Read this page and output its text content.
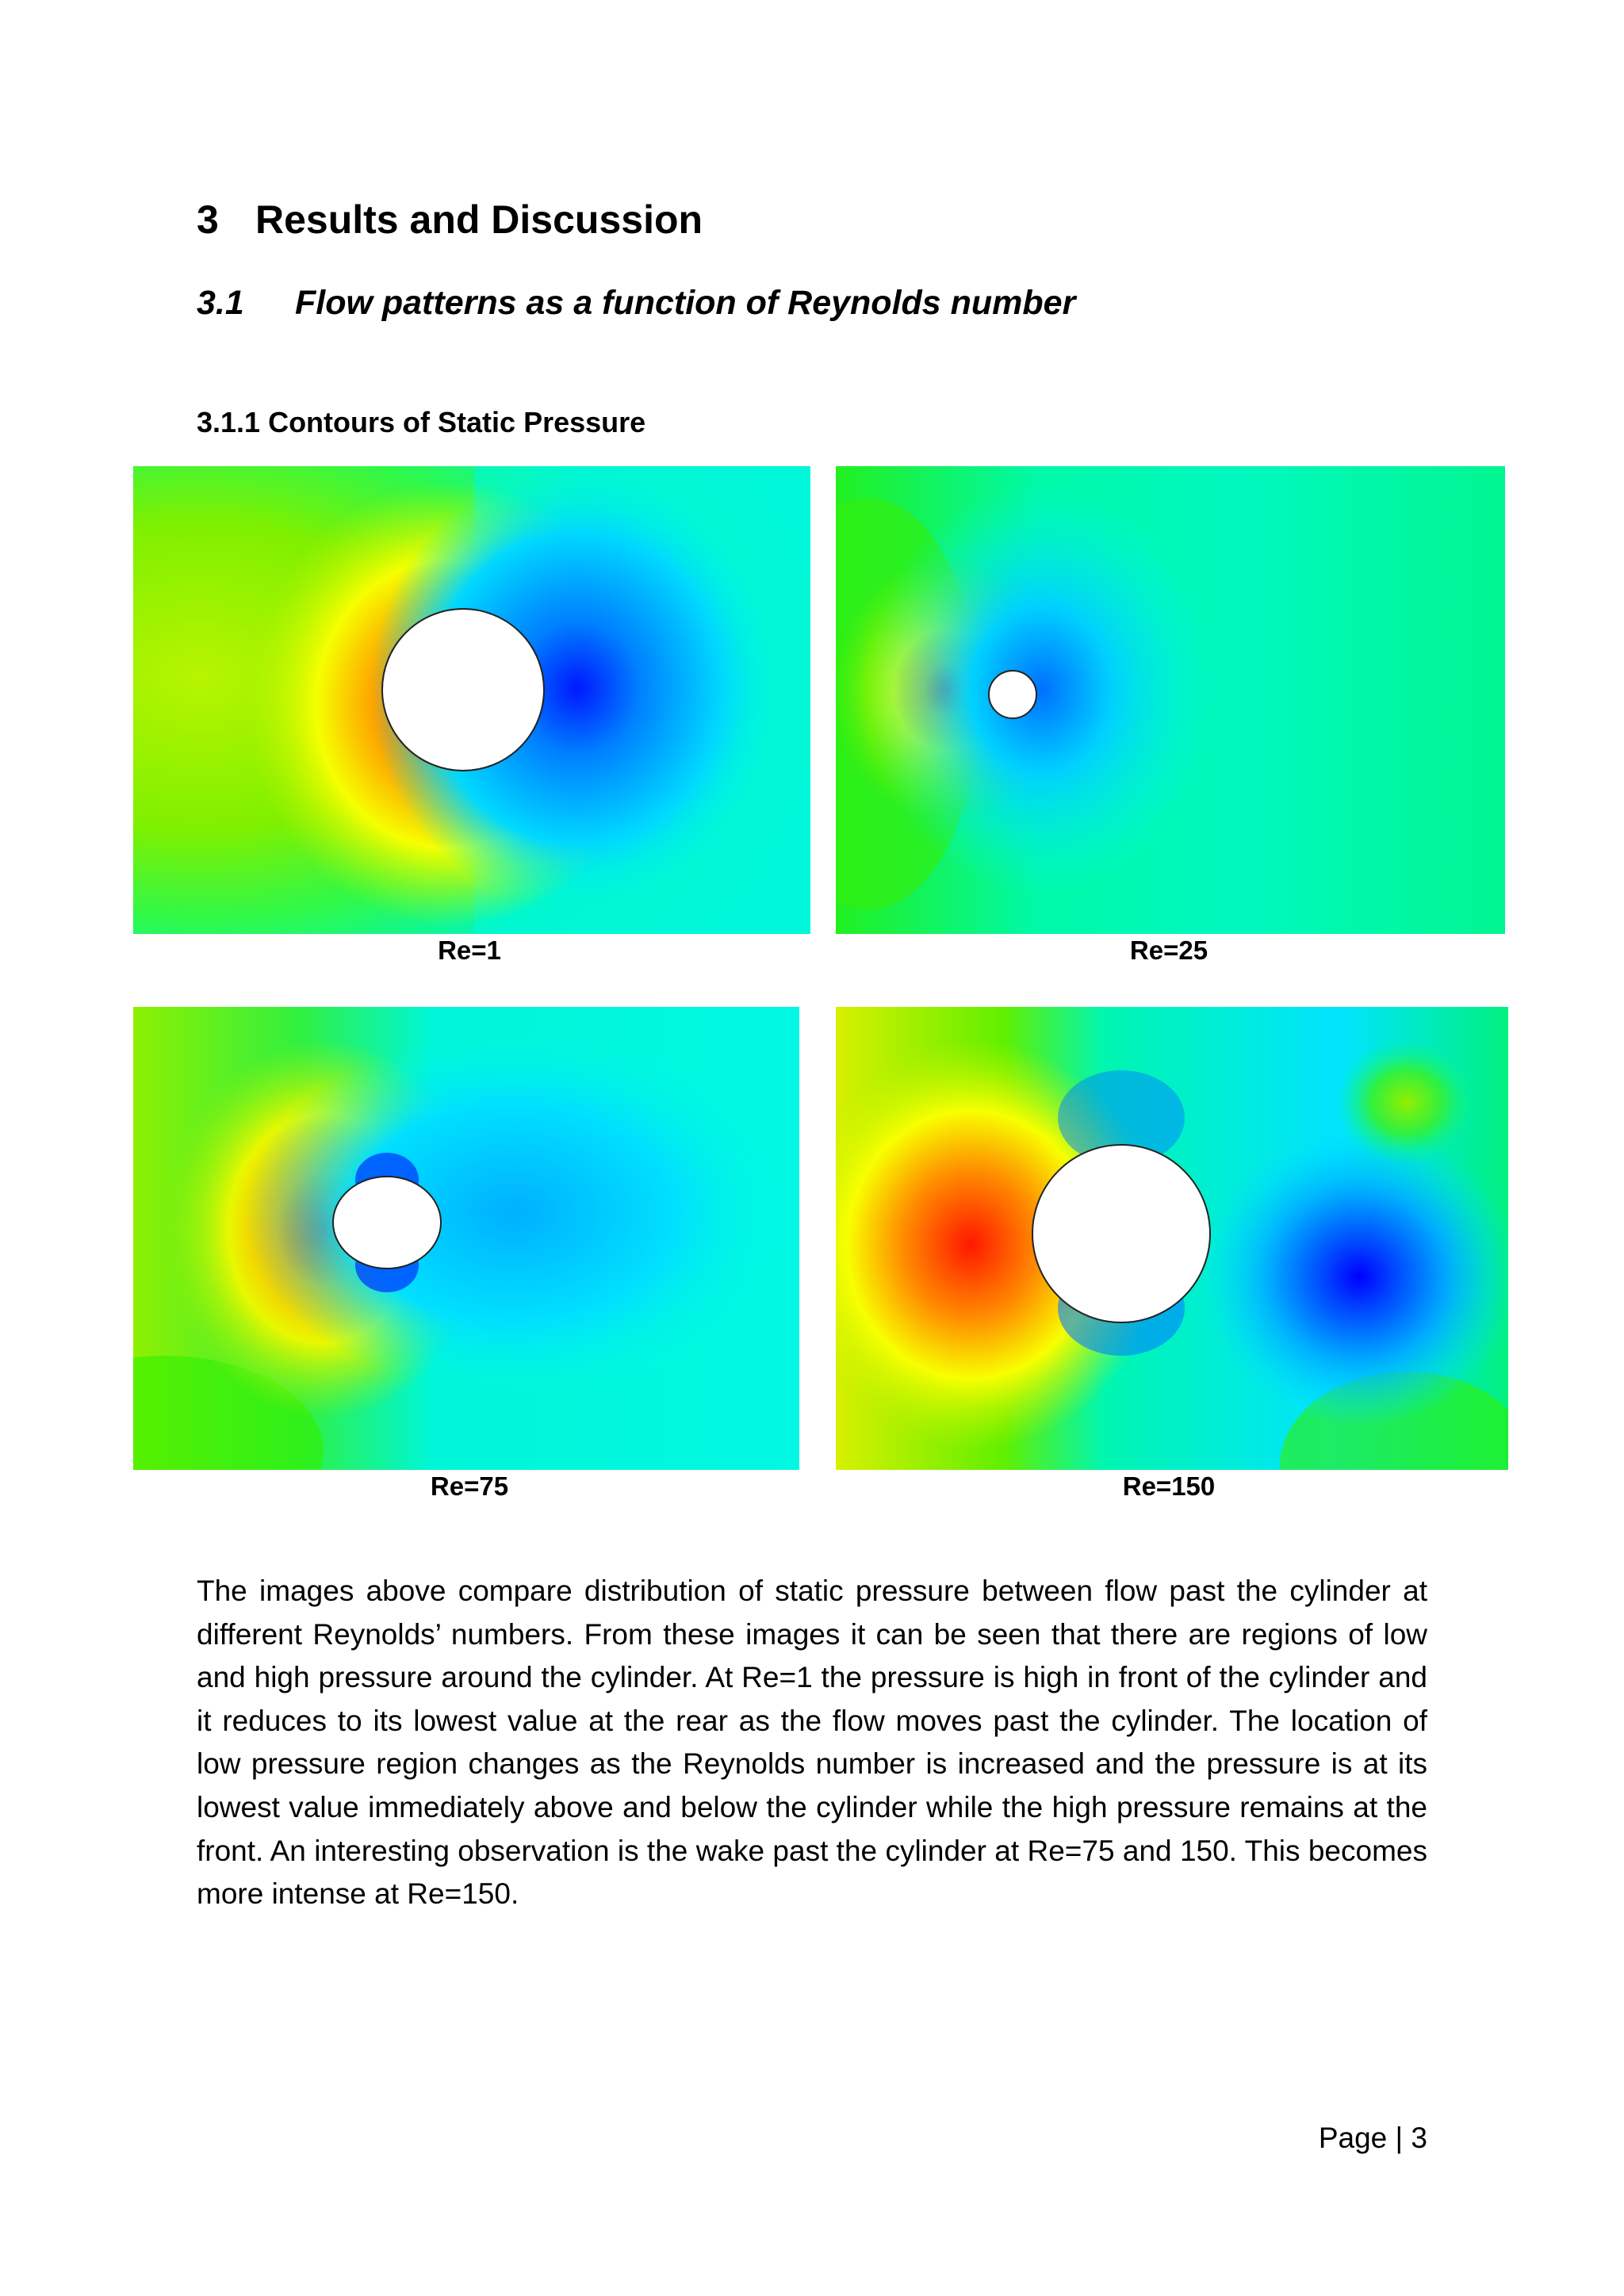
3 Results and Discussion
3.1 Flow patterns as a function of Reynolds number
3.1.1 Contours of Static Pressure
Re=1	Re=25
Re=75	Re=150
The images above compare distribution of static pressure between flow past the cylinder at different Reynolds’ numbers. From these images it can be seen that there are regions of low and high pressure around the cylinder. At Re=1 the pressure is high in front of the cylinder and it reduces to its lowest value at the rear as the flow moves past the cylinder. The location of low pressure region changes as the Reynolds number is increased and the pressure is at its lowest value immediately above and below the cylinder while the high pressure remains at the front. An interesting observation is the wake past the cylinder at Re=75 and 150. This becomes more intense at Re=150.
Page | 3
